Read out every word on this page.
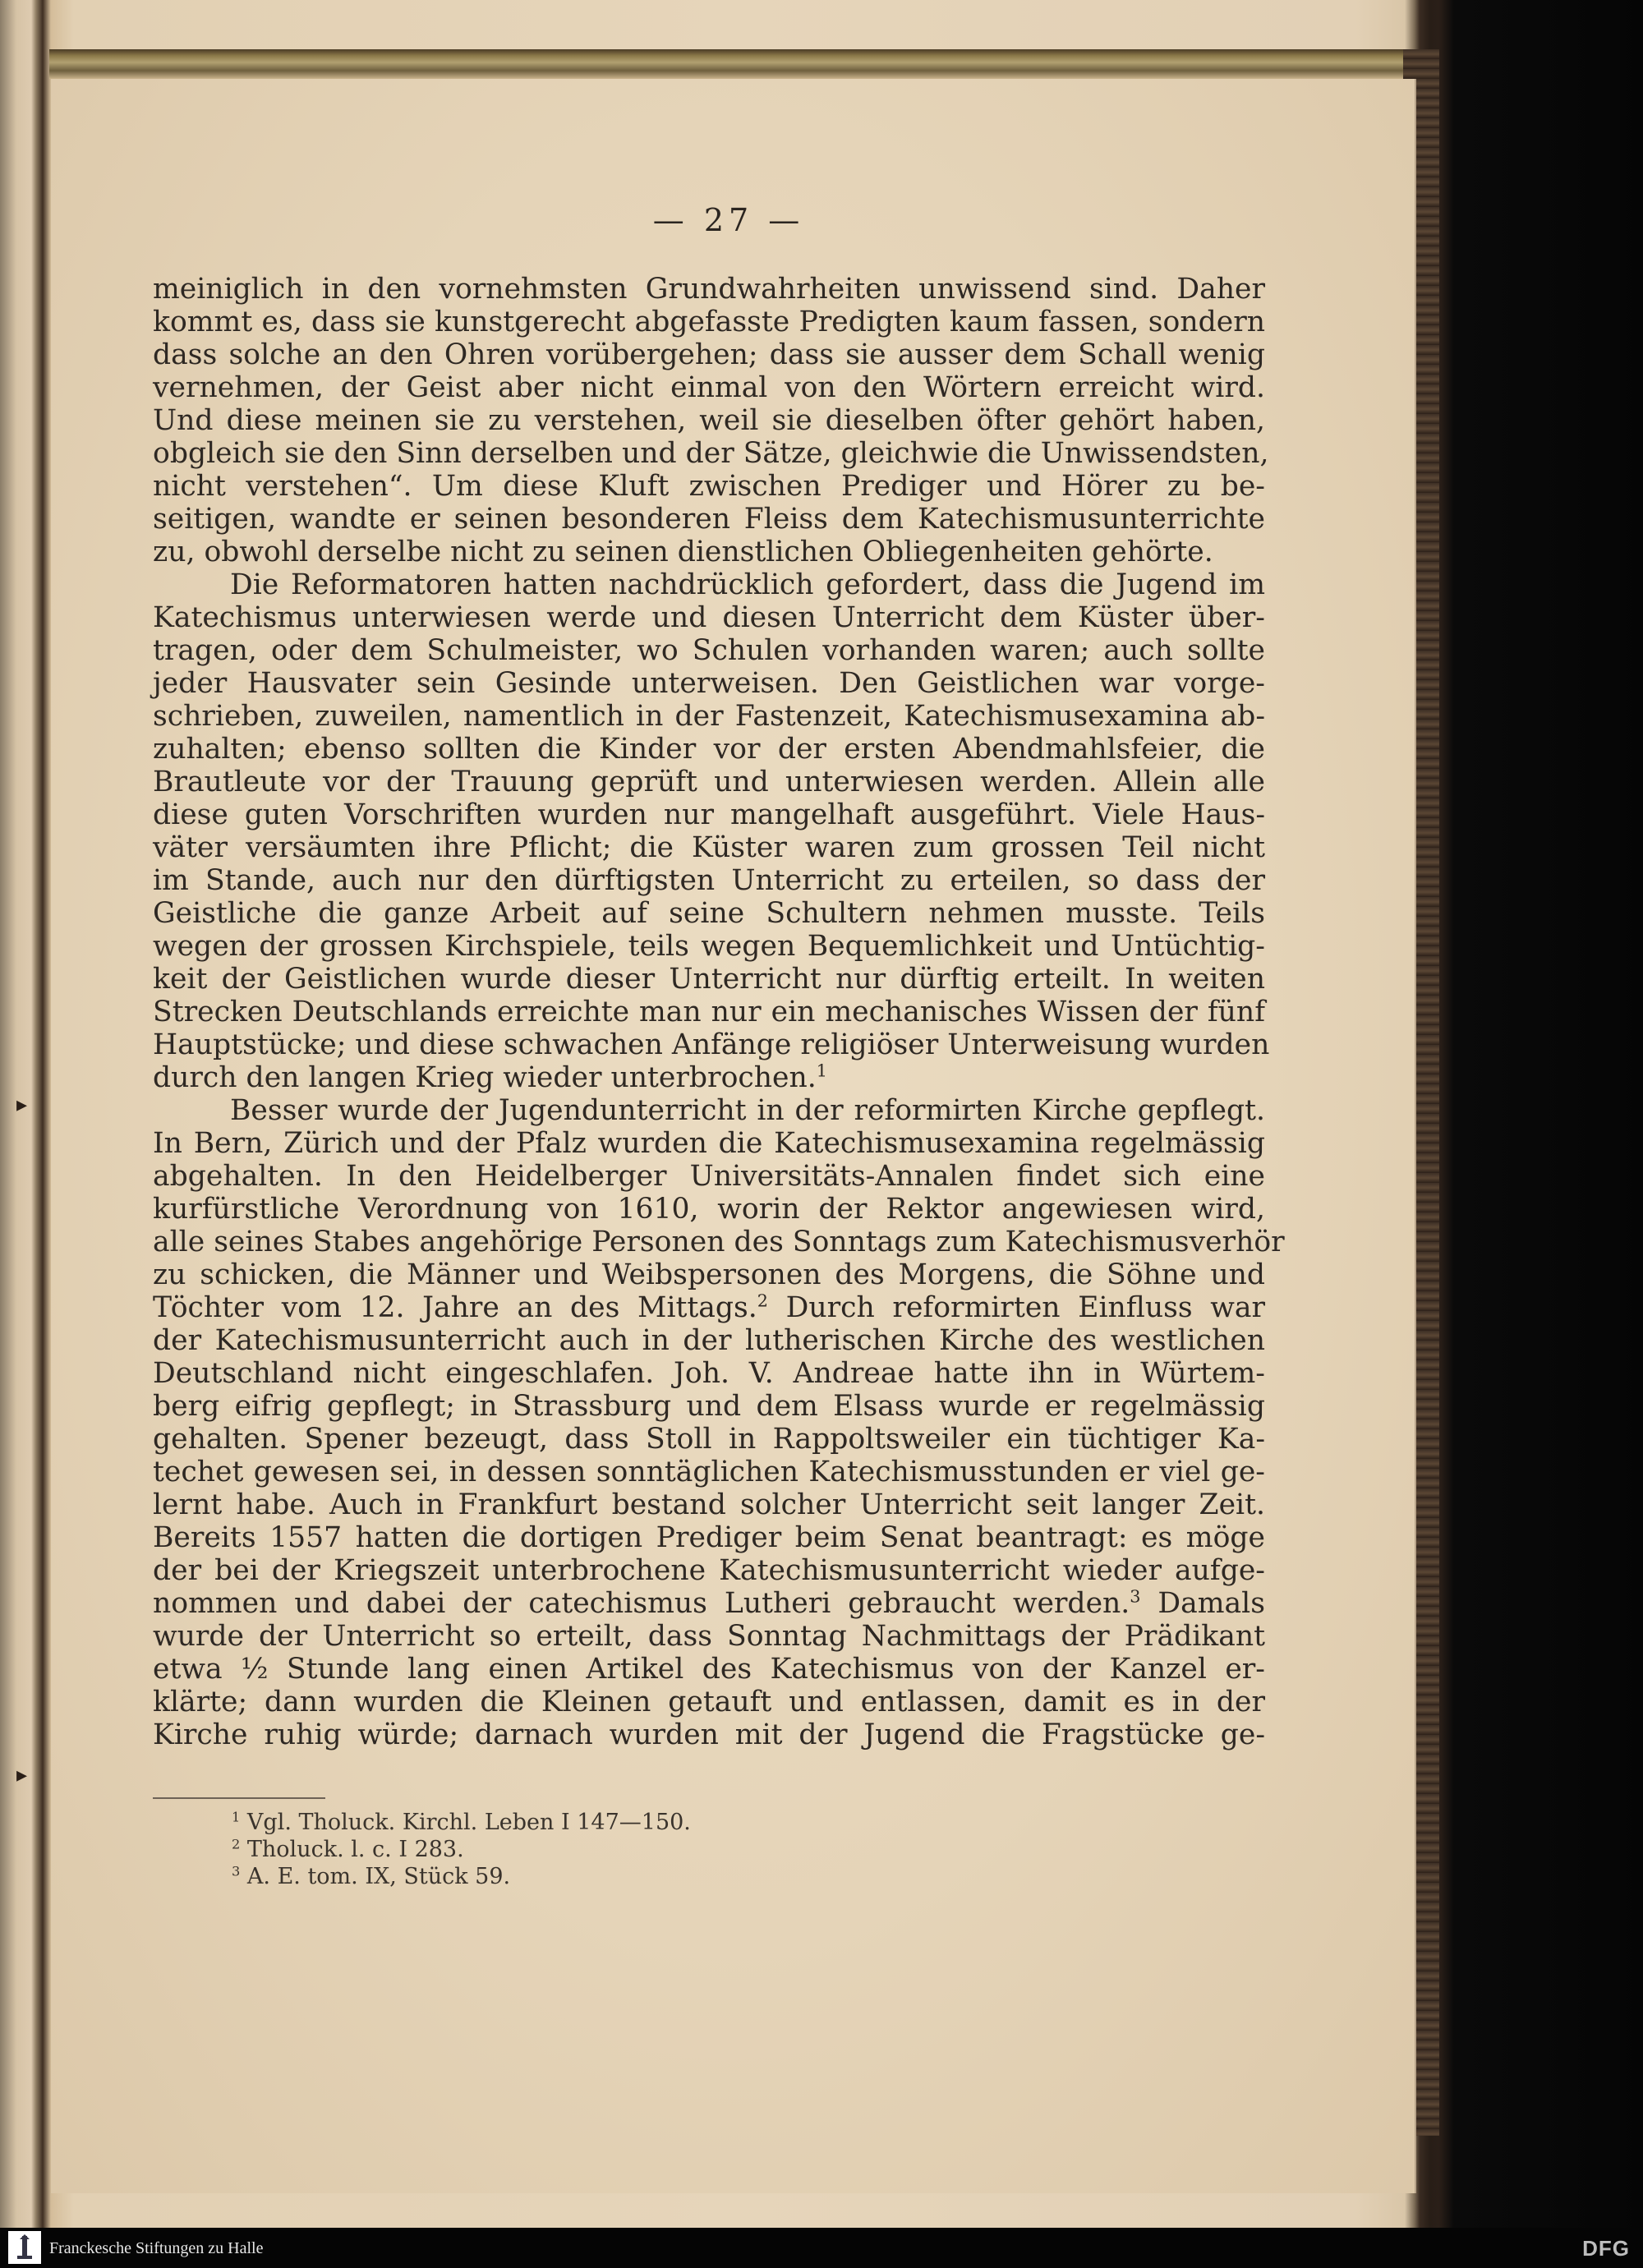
▸
▸
— 27 —
meiniglich in den vornehmsten Grundwahrheiten unwissend sind. Daher
kommt es, dass sie kunstgerecht abgefasste Predigten kaum fassen, sondern
dass solche an den Ohren vorübergehen; dass sie ausser dem Schall wenig
vernehmen, der Geist aber nicht einmal von den Wörtern erreicht wird.
Und diese meinen sie zu verstehen, weil sie dieselben öfter gehört haben,
obgleich sie den Sinn derselben und der Sätze, gleichwie die Unwissendsten,
nicht verstehen“. Um diese Kluft zwischen Prediger und Hörer zu be-
seitigen, wandte er seinen besonderen Fleiss dem Katechismusunterrichte
zu, obwohl derselbe nicht zu seinen dienstlichen Obliegenheiten gehörte.
Die Reformatoren hatten nachdrücklich gefordert, dass die Jugend im
Katechismus unterwiesen werde und diesen Unterricht dem Küster über-
tragen, oder dem Schulmeister, wo Schulen vorhanden waren; auch sollte
jeder Hausvater sein Gesinde unterweisen. Den Geistlichen war vorge-
schrieben, zuweilen, namentlich in der Fastenzeit, Katechismusexamina ab-
zuhalten; ebenso sollten die Kinder vor der ersten Abendmahlsfeier, die
Brautleute vor der Trauung geprüft und unterwiesen werden. Allein alle
diese guten Vorschriften wurden nur mangelhaft ausgeführt. Viele Haus-
väter versäumten ihre Pflicht; die Küster waren zum grossen Teil nicht
im Stande, auch nur den dürftigsten Unterricht zu erteilen, so dass der
Geistliche die ganze Arbeit auf seine Schultern nehmen musste. Teils
wegen der grossen Kirchspiele, teils wegen Bequemlichkeit und Untüchtig-
keit der Geistlichen wurde dieser Unterricht nur dürftig erteilt. In weiten
Strecken Deutschlands erreichte man nur ein mechanisches Wissen der fünf
Hauptstücke; und diese schwachen Anfänge religiöser Unterweisung wurden
durch den langen Krieg wieder unterbrochen.$^1$
Besser wurde der Jugendunterricht in der reformirten Kirche gepflegt.
In Bern, Zürich und der Pfalz wurden die Katechismusexamina regelmässig
abgehalten. In den Heidelberger Universitäts-Annalen findet sich eine
kurfürstliche Verordnung von 1610, worin der Rektor angewiesen wird,
alle seines Stabes angehörige Personen des Sonntags zum Katechismusverhör
zu schicken, die Männer und Weibspersonen des Morgens, die Söhne und
Töchter vom 12. Jahre an des Mittags.$^2$ Durch reformirten Einfluss war
der Katechismusunterricht auch in der lutherischen Kirche des westlichen
Deutschland nicht eingeschlafen. Joh. V. Andreae hatte ihn in Würtem-
berg eifrig gepflegt; in Strassburg und dem Elsass wurde er regelmässig
gehalten. Spener bezeugt, dass Stoll in Rappoltsweiler ein tüchtiger Ka-
techet gewesen sei, in dessen sonntäglichen Katechismusstunden er viel ge-
lernt habe. Auch in Frankfurt bestand solcher Unterricht seit langer Zeit.
Bereits 1557 hatten die dortigen Prediger beim Senat beantragt: es möge
der bei der Kriegszeit unterbrochene Katechismusunterricht wieder aufge-
nommen und dabei der catechismus Lutheri gebraucht werden.$^3$ Damals
wurde der Unterricht so erteilt, dass Sonntag Nachmittags der Prädikant
etwa ½ Stunde lang einen Artikel des Katechismus von der Kanzel er-
klärte; dann wurden die Kleinen getauft und entlassen, damit es in der
Kirche ruhig würde; darnach wurden mit der Jugend die Fragstücke ge-
$^1$ Vgl. Tholuck. Kirchl. Leben I 147—150.
$^2$ Tholuck. l. c. I 283.
$^3$ A. E. tom. IX, Stück 59.
Franckesche Stiftungen zu Halle	DFG
